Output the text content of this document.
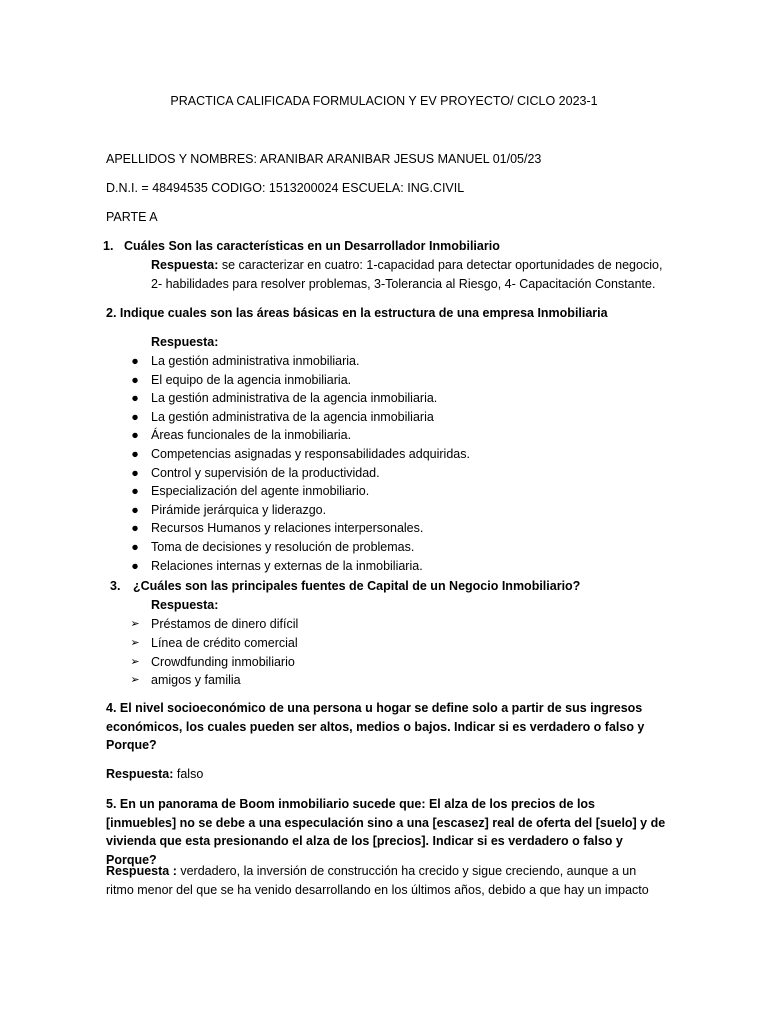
PRACTICA CALIFICADA FORMULACION Y EV PROYECTO/ CICLO 2023-1
APELLIDOS Y NOMBRES: ARANIBAR ARANIBAR JESUS MANUEL 01/05/23
D.N.I. = 48494535 CODIGO: 1513200024 ESCUELA: ING.CIVIL
PARTE A
1. Cuáles Son las características en un Desarrollador Inmobiliario
Respuesta: se caracterizar en cuatro: 1-capacidad para detectar oportunidades de negocio,
2- habilidades para resolver problemas, 3-Tolerancia al Riesgo, 4- Capacitación Constante.
2. Indique cuales son las áreas básicas en la estructura de una empresa Inmobiliaria
Respuesta:
● La gestión administrativa inmobiliaria.
● El equipo de la agencia inmobiliaria.
● La gestión administrativa de la agencia inmobiliaria.
● La gestión administrativa de la agencia inmobiliaria
● Áreas funcionales de la inmobiliaria.
● Competencias asignadas y responsabilidades adquiridas.
● Control y supervisión de la productividad.
● Especialización del agente inmobiliario.
● Pirámide jerárquica y liderazgo.
● Recursos Humanos y relaciones interpersonales.
● Toma de decisiones y resolución de problemas.
● Relaciones internas y externas de la inmobiliaria.
3. ¿Cuáles son las principales fuentes de Capital de un Negocio Inmobiliario?
Respuesta:
➢ Préstamos de dinero difícil
➢ Línea de crédito comercial
➢ Crowdfunding inmobiliario
➢ amigos y familia
4. El nivel socioeconómico de una persona u hogar se define solo a partir de sus ingresos económicos, los cuales pueden ser altos, medios o bajos. Indicar si es verdadero o falso y Porque?
Respuesta: falso
5. En un panorama de Boom inmobiliario sucede que: El alza de los precios de los [inmuebles] no se debe a una especulación sino a una [escasez] real de oferta del [suelo] y de vivienda que esta presionando el alza de los [precios]. Indicar si es verdadero o falso y Porque?
Respuesta : verdadero, la inversión de construcción ha crecido y sigue creciendo, aunque a un ritmo menor del que se ha venido desarrollando en los últimos años, debido a que hay un impacto
